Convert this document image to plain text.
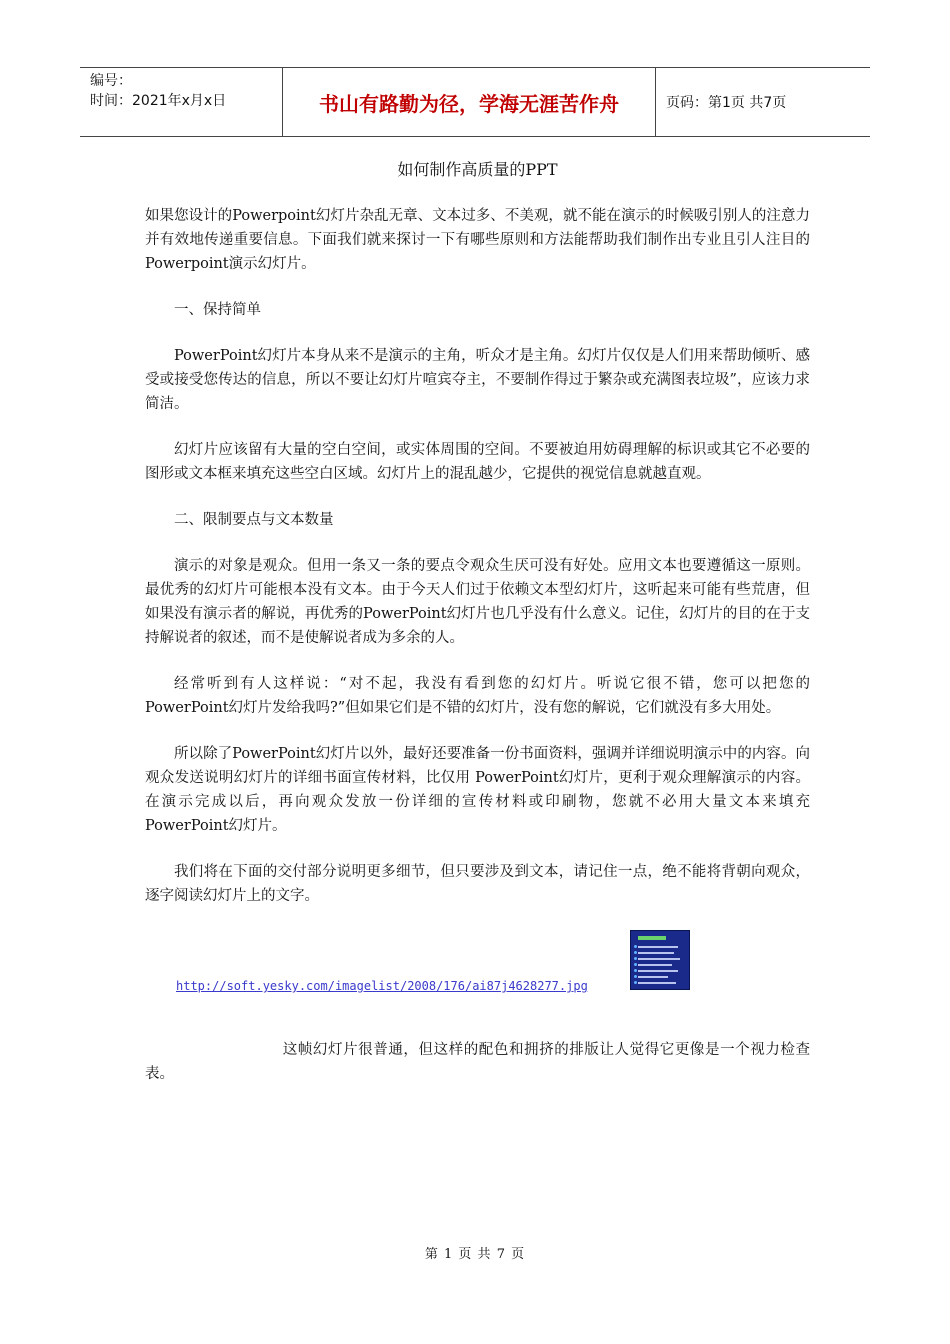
编号：
时间：2021年x月x日	书山有路勤为径，学海无涯苦作舟	页码：第1页 共7页
如何制作高质量的PPT

如果您设计的Powerpoint幻灯片杂乱无章、文本过多、不美观，就不能在演示的时候吸引别人的注意力并有效地传递重要信息。下面我们就来探讨一下有哪些原则和方法能帮助我们制作出专业且引人注目的Powerpoint演示幻灯片。

一、保持简单

PowerPoint幻灯片本身从来不是演示的主角，听众才是主角。幻灯片仅仅是人们用来帮助倾听、感受或接受您传达的信息，所以不要让幻灯片喧宾夺主，不要制作得过于繁杂或充满图表垃圾”，应该力求简洁。

幻灯片应该留有大量的空白空间，或实体周围的空间。不要被迫用妨碍理解的标识或其它不必要的图形或文本框来填充这些空白区域。幻灯片上的混乱越少，它提供的视觉信息就越直观。

二、限制要点与文本数量

演示的对象是观众。但用一条又一条的要点令观众生厌可没有好处。应用文本也要遵循这一原则。最优秀的幻灯片可能根本没有文本。由于今天人们过于依赖文本型幻灯片，这听起来可能有些荒唐，但如果没有演示者的解说，再优秀的PowerPoint幻灯片也几乎没有什么意义。记住，幻灯片的目的在于支持解说者的叙述，而不是使解说者成为多余的人。

经常听到有人这样说：“对不起，我没有看到您的幻灯片。听说它很不错，您可以把您的PowerPoint幻灯片发给我吗?”但如果它们是不错的幻灯片，没有您的解说，它们就没有多大用处。

所以除了PowerPoint幻灯片以外，最好还要准备一份书面资料，强调并详细说明演示中的内容。向观众发送说明幻灯片的详细书面宣传材料，比仅用 PowerPoint幻灯片，更利于观众理解演示的内容。在演示完成以后，再向观众发放一份详细的宣传材料或印刷物，您就不必用大量文本来填充 PowerPoint幻灯片。

我们将在下面的交付部分说明更多细节，但只要涉及到文本，请记住一点，绝不能将背朝向观众，逐字阅读幻灯片上的文字。

http://soft.yesky.com/imagelist/2008/176/ai87j4628277.jpg

这帧幻灯片很普通，但这样的配色和拥挤的排版让人觉得它更像是一个视力检查表。

第 1 页 共 7 页
